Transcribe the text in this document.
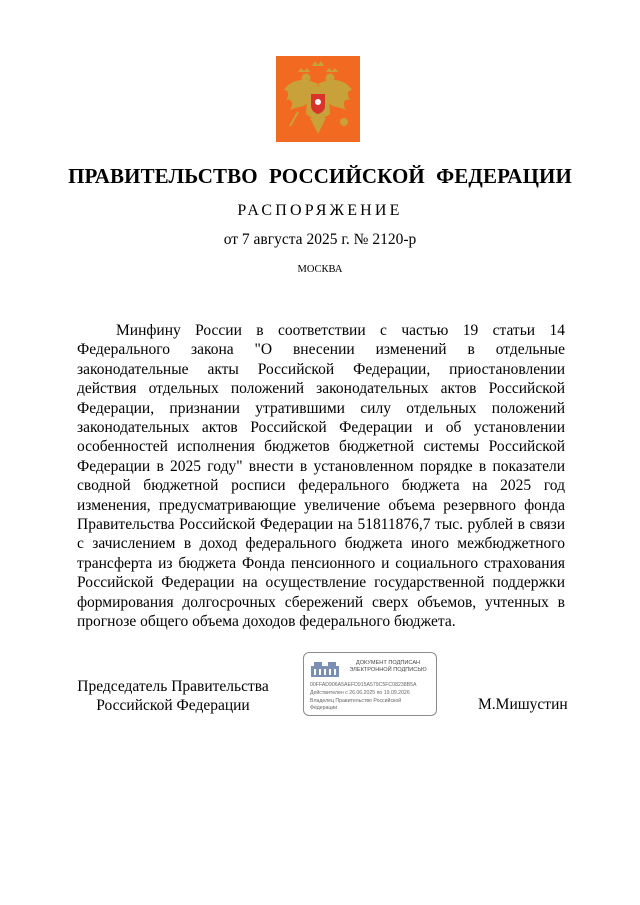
ПРАВИТЕЛЬСТВО РОССИЙСКОЙ ФЕДЕРАЦИИ
РАСПОРЯЖЕНИЕ
от 7 августа 2025 г. № 2120-р
МОСКВА

Минфину России в соответствии с частью 19 статьи 14 Федерального закона "О внесении изменений в отдельные законодательные акты Российской Федерации, приостановлении действия отдельных положений законодательных актов Российской Федерации, признании утратившими силу отдельных положений законодательных актов Российской Федерации и об установлении особенностей исполнения бюджетов бюджетной системы Российской Федерации в 2025 году" внести в установленном порядке в показатели сводной бюджетной росписи федерального бюджета на 2025 год изменения, предусматривающие увеличение объема резервного фонда Правительства Российской Федерации на 51811876,7 тыс. рублей в связи с зачислением в доход федерального бюджета иного межбюджетного трансферта из бюджета Фонда пенсионного и социального страхования Российской Федерации на осуществление государственной поддержки формирования долгосрочных сбережений сверх объемов, учтенных в прогнозе общего объема доходов федерального бюджета.

Председатель Правительства
Российской Федерации
ДОКУМЕНТ ПОДПИСАН
ЭЛЕКТРОННОЙ ПОДПИСЬЮ
00FFAD906A5AEFD915A579C5FC08238B5A
Действителен с 26.06.2025 по 19.09.2026
Владелец Правительство Российской
Федерации	М.Мишустин
